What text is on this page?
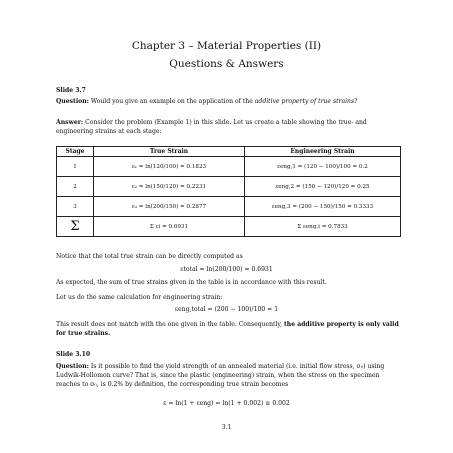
Chapter 3 – Material Properties (II)
Questions & Answers
Slide 3.7
Question: Would you give an example on the application of the additive property of true strains?
Answer: Consider the problem (Example 1) in this slide. Let us create a table showing the true- and engineering strains at each stage:
Stage	True Strain	Engineering Strain
1	ε₁ = ln(120/100) = 0.1823	εeng,1 = (120 − 100)/100 = 0.2
2	ε₂ = ln(150/120) = 0.2231	εeng,2 = (150 − 120)/120 = 0.25
3	ε₃ = ln(200/150) = 0.2877	εeng,3 = (200 − 150)/150 = 0.3333
Σ	Σ εi = 0.6931	Σ εeng,i = 0.7833
Notice that the total true strain can be directly computed as
εtotal = ln(200/100) = 0.6931
As expected, the sum of true strains given in the table is in accordance with this result.
Let us do the same calculation for engineering strain:
εeng,total = (200 − 100)/100 = 1
This result does not match with the one given in the table. Consequently, the additive property is only valid for true strains.
Slide 3.10
Question: Is it possible to find the yield strength of an annealed material (i.e. initial flow stress, σ₀) using Ludwik-Hollomon curve? That is, since the plastic (engineering) strain, when the stress on the specimen reaches to σ₀, is 0.2% by definition, the corresponding true strain becomes
ε = ln(1 + εeng) = ln(1 + 0.002) ≅ 0.002
3.1
